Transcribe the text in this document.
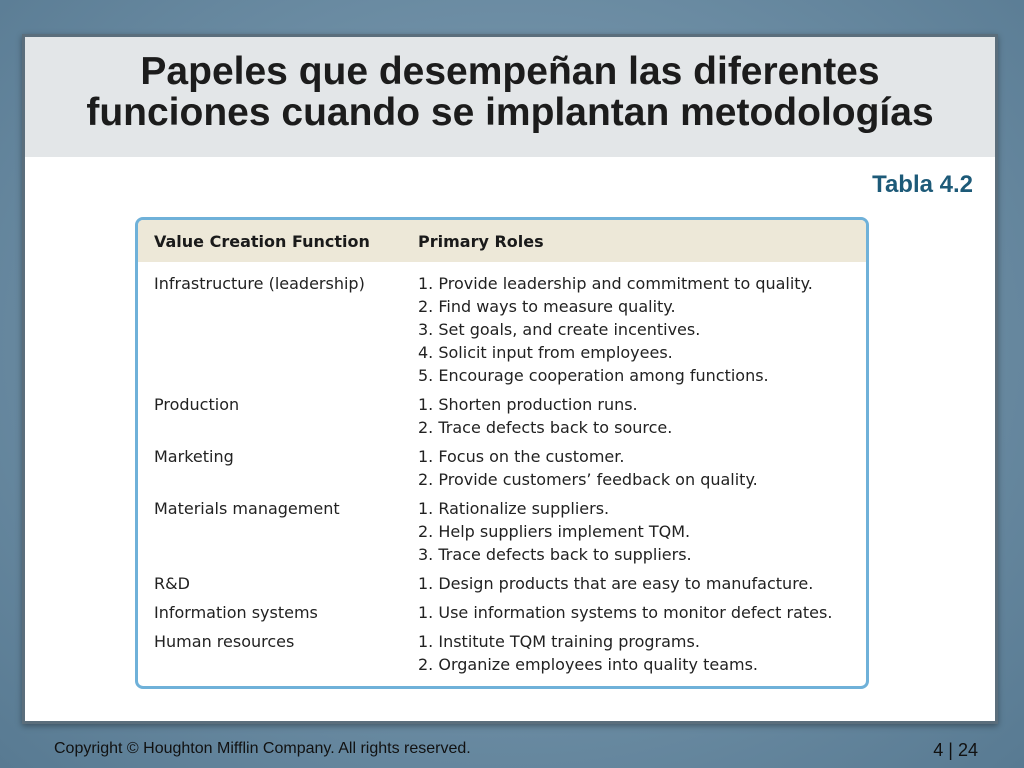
Papeles que desempeñan las diferentes
funciones cuando se implantan metodologías
Tabla 4.2
Value Creation Function	Primary Roles
Infrastructure (leadership)	1. Provide leadership and commitment to quality.
2. Find ways to measure quality.
3. Set goals, and create incentives.
4. Solicit input from employees.
5. Encourage cooperation among functions.
Production	1. Shorten production runs.
2. Trace defects back to source.
Marketing	1. Focus on the customer.
2. Provide customers’ feedback on quality.
Materials management	1. Rationalize suppliers.
2. Help suppliers implement TQM.
3. Trace defects back to suppliers.
R&D	1. Design products that are easy to manufacture.
Information systems	1. Use information systems to monitor defect rates.
Human resources	1. Institute TQM training programs.
2. Organize employees into quality teams.
Copyright © Houghton Mifflin Company. All rights reserved.	4 | 24
